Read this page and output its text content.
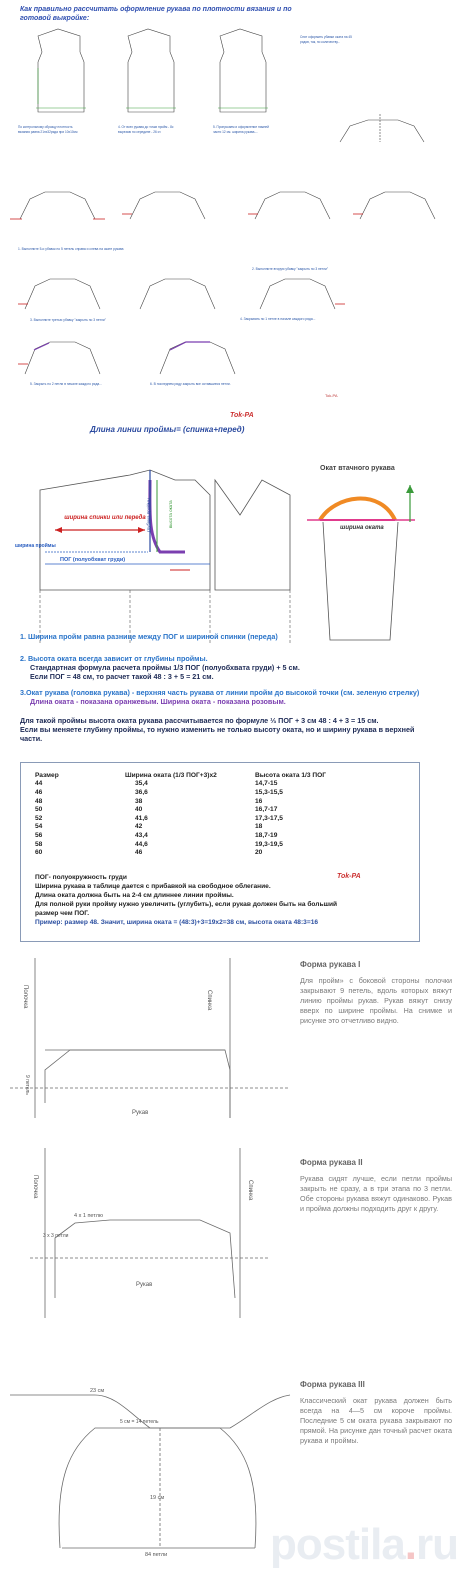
Как правильно рассчитать оформление рукава по плотности вязания и по
готовой выкройке:
По контрольному образцу плотность
вязания равна 21пх32ряда при 10х10см
4. От всех рукава до точки пройм - 8с
вырезаю по середине - 26 ст.
5. Пропускаем и оформление нижней
части 12 см. ширина рукава-...
Снят оформить убавки оката на 45
рядов, так, по количеству...
1. Выполните 5-и убавок по 5 петель справа и слева на окате рукава
2. Выполните вторую убавку "закрыть по 3 петли"
3. Выполните третью убавку "закрыть по 3 петли"	4. Закрывать по 1 петле в начале каждого ряда...
5. Закрыть по 2 петли в начале каждого ряда...	6. В последнем ряду закрыть все оставшиеся петли.
Tok-PA
Tok-PA
Длина линии проймы= (спинка+перед)
ширина спинки или переда
ПОГ (полуобхват груди)
ширина проймы
Окат втачного рукава
ширина оката
глубина проймы	высота оката
1. Ширина пройм равна разнице между ПОГ и шириной спинки (переда)
2. Высота оката всегда зависит от глубины проймы.
Стандартная формула расчета проймы 1/3 ПОГ (полуобхвата груди) + 5 см.
Если ПОГ = 48 см, то расчет такой 48 : 3 + 5 = 21 см.
3.Окат рукава (головка рукава) - верхняя часть рукава от линии пройм до высокой точки (см. зеленую стрелку)
Длина оката - показана оранжевым. Ширина оката - показана розовым.
Для такой проймы высота оката рукава рассчитывается по формуле ⅓ ПОГ + 3 см 48 : 4 + 3 = 15 см.
Если вы меняете глубину проймы, то нужно изменить не только высоту оката, но и ширину рукава в верхней
части.
Размер	Ширина оката (1/3 ПОГ+3)x2	Высота оката 1/3 ПОГ
44	35,4	14,7-15
46	36,6	15,3-15,5
48	38	16
50	40	16,7-17
52	41,6	17,3-17,5
54	42	18
56	43,4	18,7-19
58	44,6	19,3-19,5
60	46	20
ПОГ- полуокружность груди
Ширина рукава в таблице дается с прибавкой на свободное облегание.
Длина оката должна быть на 2-4 см длиннее линии проймы.
Для полной руки пройму нужно увеличить (углубить), если рукав должен быть на больший
размер чем ПОГ.
Пример: размер 48. Значит, ширина оката = (48:3)+3=19x2=38 см, высота оката 48:3=16
Tok-PA
Полочка	Спинка
Рукав
9 петель
Полочка	Спинка
Рукав
4 x 1 петлю
3 x 3 петли
23 см
5 см = 14 петель
19 см
84 петли
Форма рукава I
Для пройм» с боковой стороны полочки закрывают 9 петель, вдоль которых вяжут линию проймы рукав. Рукав вяжут снизу вверх по ширине проймы. На снимке и рисунке это отчетливо видно.
Форма рукава II
Рукава сидят лучше, если петли проймы закрыть не сразу, а в три этапа по 3 петли. Обе стороны рукава вяжут одинаково. Рукав и пройма должны подходить друг к другу.
Форма рукава III
Классический окат рукава должен быть всегда на 4—5 см короче проймы. Последние 5 см оката рукава закрывают по прямой. На рисунке дан точный расчет оката рукава и проймы.
postila.ru
